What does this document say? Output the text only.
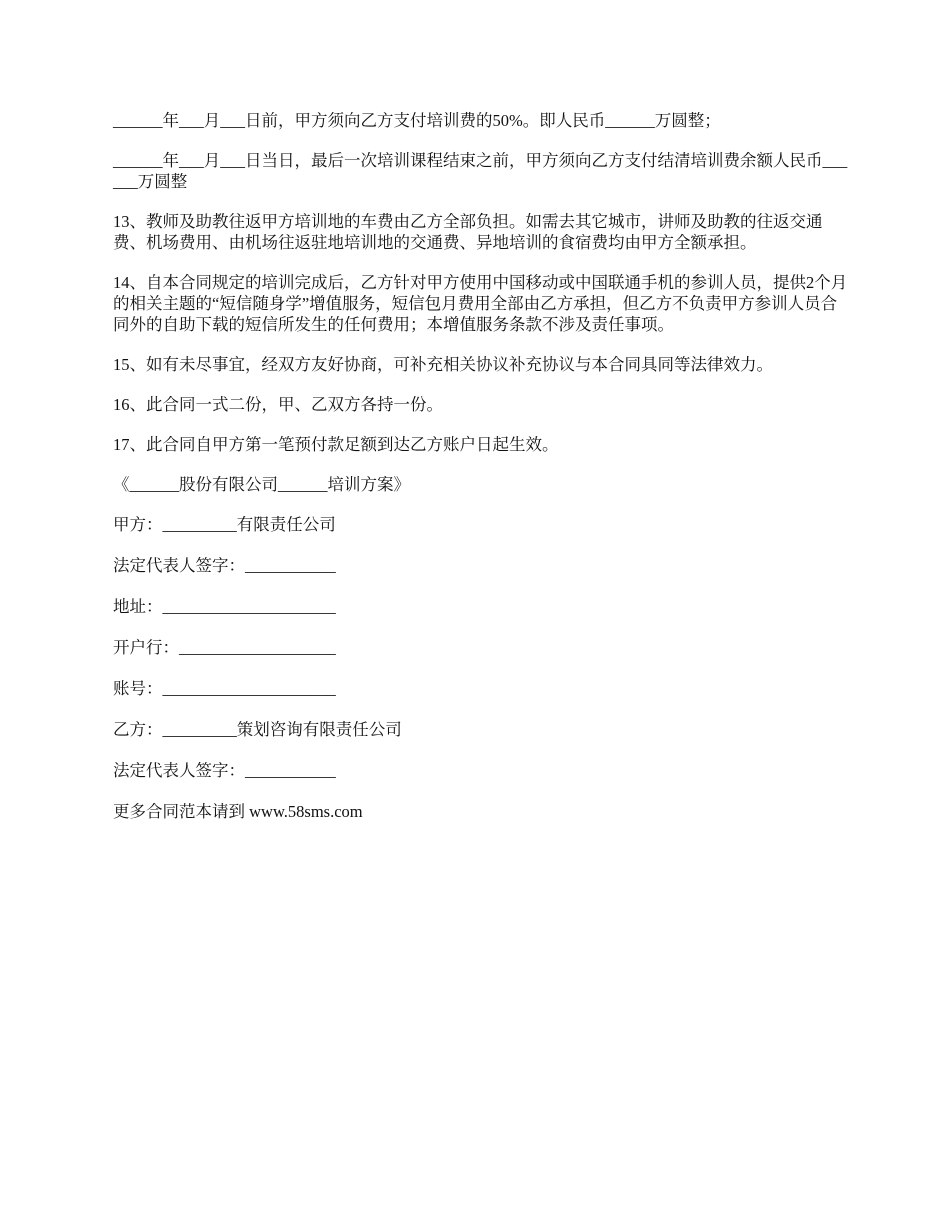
______年___月___日前，甲方须向乙方支付培训费的50%。即人民币______万圆整；

______年___月___日当日，最后一次培训课程结束之前，甲方须向乙方支付结清培训费余额人民币______万圆整

13、教师及助教往返甲方培训地的车费由乙方全部负担。如需去其它城市，讲师及助教的往返交通费、机场费用、由机场往返驻地培训地的交通费、异地培训的食宿费均由甲方全额承担。

14、自本合同规定的培训完成后，乙方针对甲方使用中国移动或中国联通手机的参训人员，提供2个月的相关主题的“短信随身学”增值服务，短信包月费用全部由乙方承担，但乙方不负责甲方参训人员合同外的自助下载的短信所发生的任何费用；本增值服务条款不涉及责任事项。

15、如有未尽事宜，经双方友好协商，可补充相关协议补充协议与本合同具同等法律效力。

16、此合同一式二份，甲、乙双方各持一份。

17、此合同自甲方第一笔预付款足额到达乙方账户日起生效。

《______股份有限公司______培训方案》

甲方：_________有限责任公司

法定代表人签字：___________

地址：_____________________

开户行：___________________

账号：_____________________

乙方：_________策划咨询有限责任公司

法定代表人签字：___________

更多合同范本请到 www.58sms.com
